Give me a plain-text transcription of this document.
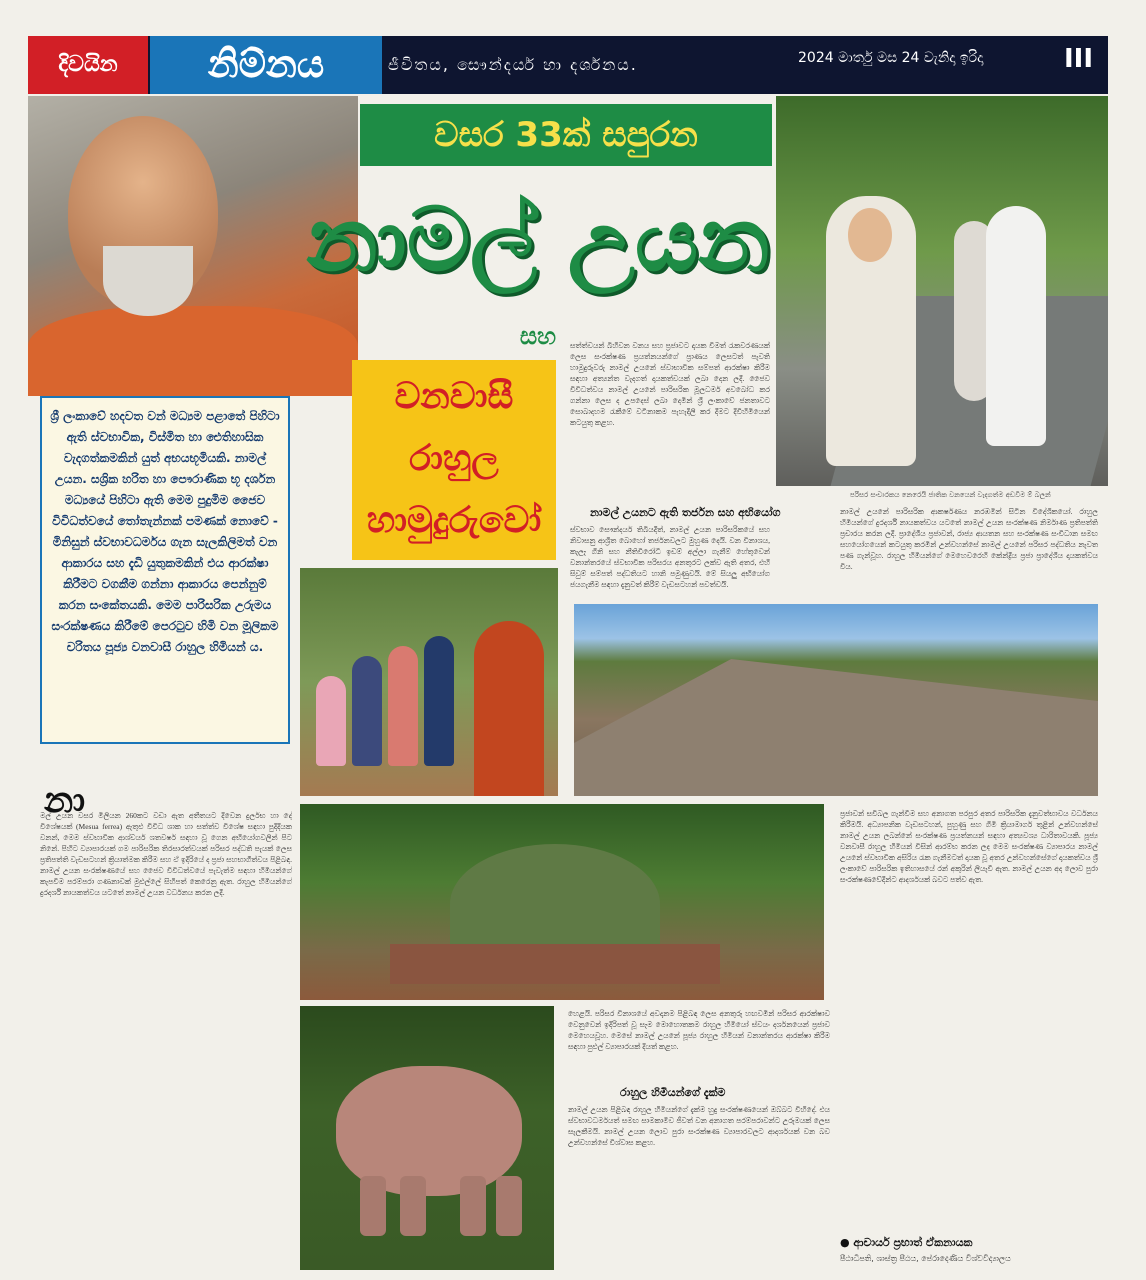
දිවයින	නිම්නය	ජීවිතය, සෞන්දර්ය හා දර්ශනය.	2024 මාර්තු මස 24 වැනිදා ඉරිදා	III
වසර 33ක් සපුරන
නාමල් උයන
සහ
වනවාසී
රාහුල
හාමුදුරුවෝ
ශ්‍රී ලංකාවේ හදවත වන් මධ්‍යම පළාතේ පිහිටා ඇති ස්වභාවික, විස්මිත හා ඓතිහාසික වැදගත්කමකින් යුත් අභයභූමියකි. නාමල් උයන. සශ්‍රික හරිත හා පෞරාණික භූ දර්ශන මධ්‍යයේ පිහිටා ඇති මෙම පුදුමිම ජෛව විවිධත්වයේ තෝතැන්නක් පමණක් නොවේ - මිනිසුන් ස්වභාවධර්මය ගැන සැලකිලිමත් වන ආකාරය සහ දැඩි යුතුකමකින් එය ආරක්ෂා කිරීමට වගකීම ගන්නා ආකාරය පෙන්නුම් කරන සංකේතයකි. මෙම පාරිසරික උරුමය සංරක්ෂණය කිරීමේ පෙරටුව හිමි වන මූලිකම චරිතය පූජ්‍ය වනවාසී රාහුල හිමියන් ය.
සත්ත්වයන් බිහිවන වනය සහ ප්‍රජාවට දායක වීමත් රැකවරණයක් ලෙස සංරක්ෂණ ප්‍රයත්නයන්ගේ ප්‍රාණය ලෙසටත් පැවති හාමුදුරුවරු නාමල් උයනේ ස්වාභාවික සම්පත් ආරක්ෂා කිරීම සඳහා අත්‍යන්ත වැදගත් දායකත්වයක් ලබා දෙන ලදී. ජෛව විවිධත්වය නාමල් උයනේ පාරිසරික මූලධර්ම අවබෝධ කර ගන්නා ලෙස ද උපදෙස් ලබා දෙමින් ශ්‍රී ලංකාවේ ජනතාවට සොබාදහම රැකීමේ වටිනාකම පැහැදිලි කර දීමට දිවිහිමියෙන් කටයුතු කළහ.
නාමල් උයනට ඇති තර්ජන සහ අභියෝග
ස්වභාව සෞන්දර්ය තිබියදීත්, නාමල් උයන පාරිසරිකයේ සහ නිවාසනු ආශ්‍රිත බොහෝ තර්ජනවලට මුහුණ දෙයි. වන විනාශය, කැලෑ ගිනි සහ නීතිවිරෝධී ඉඩම් අල්ලා ගැනීම් හේතුවෙන් වනාන්තරයේ ස්වභාවික පරිසරය අනතුරට ලක්ව ඇති අතර, එහි සිවුම් සම්පත් පද්ධතියට හානි පමුණුවයි. මේ සියලු අභියෝග ජයගැනීම සඳහා දැනුවත් කිරීම් වැඩසටහන් පවත්වයි.
පරිසර සංචාරකය නෙරෙයි ජාතික වනයෙන් වැදගත්ම අඩවිම ම් බලන්
නාමල් උයනේ පාරිසරික ආකර්ෂණය නරඹමින් සිටින විදේශිකයෝ. රාහුල හිමියන්ගේ දුරදර්ශී නායකත්වය යටතේ නාමල් උයන සංරක්ෂණ නිර්මාණ ප්‍රතිපත්ති ප්‍රචාරය කරන ලදී. ප්‍රාදේශීය ප්‍රජාවන්, රාජ්‍ය ආයතන සහ සංරක්ෂණ සංවිධාන සමඟ සහයෝගයෙන් කටයුතු කරමින් උන්වහන්සේ නාමල් උයනේ පරිසර පද්ධතිය නැවත පණ ගැන්වූහ. රාහුල හිමියන්ගේ මෙහෙවරෙහි කේන්ද්‍රීය ප්‍රජා ප්‍රාදේශීය දායකත්වය විය.
නා
මල් උයන වසර මිලියන 260කට වඩා ඇත අතීතයට දිවෙන දුර්ලභ හා දේ විශේෂයක් (Mesua ferrea) ඇතුළු විවිධ ශාක හා සත්ත්ව විශේෂ සඳහා පුදිදියක වනන්, මෙම ස්වභාවික ආශ්චර්ය ශතවර්ෂ සඳහා වූ ගෙන අභියෝගවලින් පිට නිනේ. පිහිට ව්‍යාපාරයක් ගම පාරිසරික තිරසාරත්වයක් පරිසර පද්ධති පැයක් ලෙස ප්‍රතිපත්ති වැඩසටහන් ක්‍රියාත්මක කිරීම සහ ඒ ඉදිරියේ ද ප්‍රජා සහභාගීත්වය පිළිබඳ. නාමල් උයන සංරක්ෂණයේ සහ ජෛව විවිධත්වයේ පැවැත්ම සඳහා හිමියන්ගේ කැපවීම පරම්පරා ගණනාවක් මුළුල්ලේ සිහිපත් කෙරෙනු ඇත. රාහුල හිමියන්ගේ දුරදර්ශී නායකත්වය යටතේ නාමල් උයන වර්ධනය කරන ලදී.
ප්‍රජාවන් සවිබල ගැන්වීම සහ අනාගත පරපුර අතර පාරිසරික දැනුවත්භාවය වර්ධනය කිරීමයි. අධ්‍යාපනික වැඩසටහන්, පුහුණු සහ ගිමි ක්‍රියාමාර්ග තුළින් උන්වහන්සේ නාමල් උයන ලබන්නේ සංරක්ෂණ ප්‍රයත්නයන් සඳහා අත්‍යවශ්‍ය ධාරිතාවයකි. පූජ්‍ය වනවාසී රාහුල හිමියන් විසින් ආරම්භ කරන ලද මෙම සංරක්ෂණ ව්‍යාපාරය නාමල් උයනේ ස්වභාවික අසිරිය රැක ගැනීමටත් දායක වූ අතර උන්වහන්සේගේ දායකත්වය ශ්‍රී ලංකාවේ පාරිසරික ඉතිහාසයේ රන් අකුරින් ලියැවී ඇත. නාමල් උයන අද ලොව පුරා සංරක්ෂණවේදීන්ට ආදර්ශයක් බවට පත්ව ඇත.
හෙළයි. පරිසර විනාශයේ අවදානම පිළිබඳ ලෙස අනතුරු හඟවමින් පරිසර ආරක්ෂාව වෙනුවෙන් ඉදිරිපත් වූ සෑම මොහොතකම රාහුල හිමියෝ ස්වයං දර්ශනයෙන් ප්‍රජාව මෙහෙයවූහ. මෙසේ නාමල් උයනේ පූජ්‍ය රාහුල හිමියන් වනාන්තරය ආරක්ෂා කිරීම සඳහා පුළුල් ව්‍යාපාරයක් දියත් කළහ.
රාහුල හිමියන්ගේ දැක්ම
නාමල් උයන පිළිබඳ රාහුල හිමියන්ගේ දැක්ම හුදු සංරක්ෂණයෙන් ඔබ්බට විහිදේ. එය ස්වභාවධර්මයත් සමඟ සාමකාමීව ජීවත් වන අනාගත පරම්පරාවන්ට උරුමයක් ලෙස සැලකීමයි. නාමල් උයන ලොව පුරා සංරක්ෂණ ව්‍යාපාරවලට ආදර්ශයක් වන බව උන්වහන්සේ විශ්වාස කළහ.
● ආචාර්ය ප්‍රභාත් ඒකනායක
පීඨාධිපති, ශාස්ත්‍ර පීඨය, පේරාදෙණිය විශ්වවිද්‍යාලය
